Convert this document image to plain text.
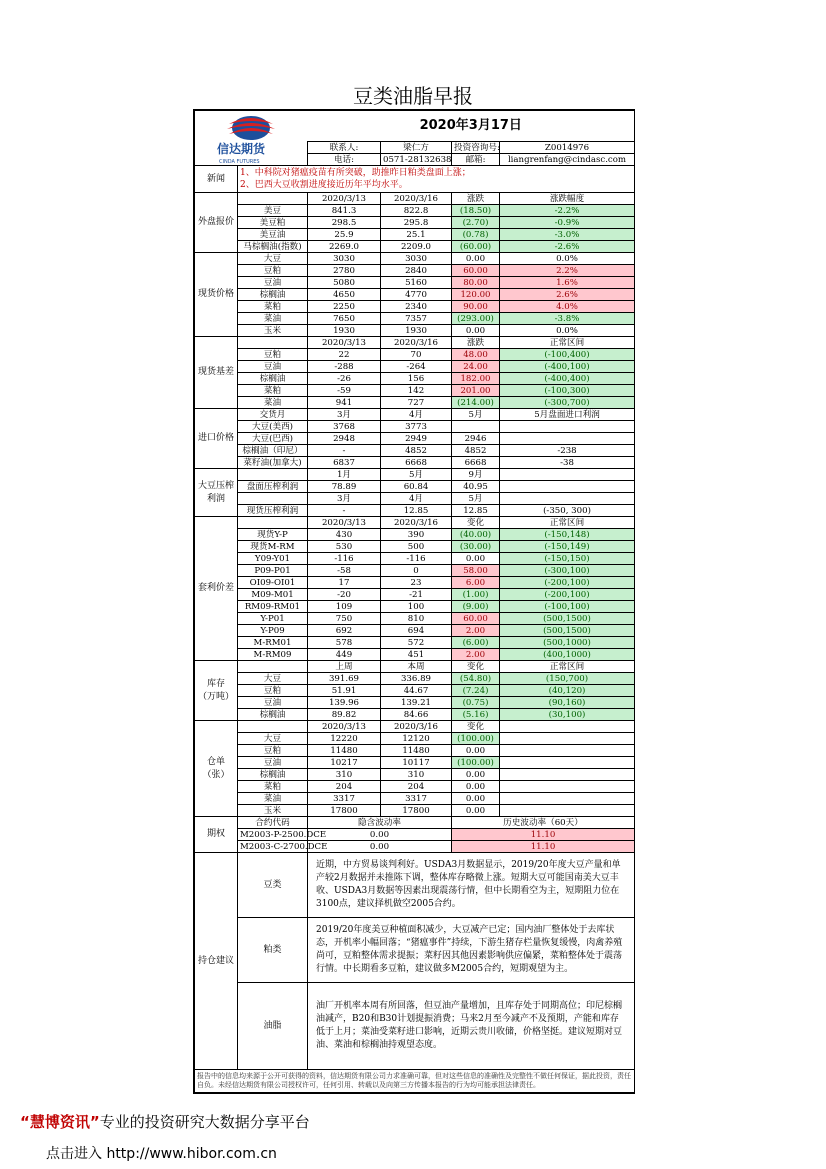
豆类油脂早报
信达期货
CINDA FUTURES		2020年3月17日			
		联系人:	梁仁方	投资咨询号:	Z0014976
		电话:	0571-28132638	邮箱:	liangrenfang@cindasc.com
新闻	1、中科院对猪瘟疫苗有所突破，助推昨日粕类盘面上涨；
2、巴西大豆收割进度接近历年平均水平。				

外盘报价		2020/3/13	2020/3/16	涨跌	涨跌幅度
	美豆	841.3	822.8	(18.50)	-2.2%
	美豆粕	298.5	295.8	(2.70)	-0.9%
	美豆油	25.9	25.1	(0.78)	-3.0%
	马棕榈油(指数)	2269.0	2209.0	(60.00)	-2.6%

现货价格	大豆	3030	3030	0.00	0.0%
	豆粕	2780	2840	60.00	2.2%
	豆油	5080	5160	80.00	1.6%
	棕榈油	4650	4770	120.00	2.6%
	菜粕	2250	2340	90.00	4.0%
	菜油	7650	7357	(293.00)	-3.8%
	玉米	1930	1930	0.00	0.0%

现货基差		2020/3/13	2020/3/16	涨跌	正常区间
	豆粕	22	70	48.00	(-100,400)
	豆油	-288	-264	24.00	(-400,100)
	棕榈油	-26	156	182.00	(-400,400)
	菜粕	-59	142	201.00	(-100,300)
	菜油	941	727	(214.00)	(-300,700)

进口价格	交货月	3月	4月	5月	5月盘面进口利润
	大豆(美西)	3768	3773		
	大豆(巴西)	2948	2949	2946	
	棕榈油（印尼）	-	4852	4852	-238
	菜籽油(加拿大)	6837	6668	6668	-38

大豆压榨利润		1月	5月	9月	
	盘面压榨利润	78.89	60.84	40.95	
		3月	4月	5月	
	现货压榨利润	-	12.85	12.85	(-350, 300)

套利价差		2020/3/13	2020/3/16	变化	正常区间
	现货Y-P	430	390	(40.00)	(-150,148)
	现货M-RM	530	500	(30.00)	(-150,149)
	Y09-Y01	-116	-116	0.00	(-150,150)
	P09-P01	-58	0	58.00	(-300,100)
	OI09-OI01	17	23	6.00	(-200,100)
	M09-M01	-20	-21	(1.00)	(-200,100)
	RM09-RM01	109	100	(9.00)	(-100,100)
	Y-P01	750	810	60.00	(500,1500)
	Y-P09	692	694	2.00	(500,1500)
	M-RM01	578	572	(6.00)	(500,1000)
	M-RM09	449	451	2.00	(400,1000)

库存
（万吨）		上周	本周	变化	正常区间
	大豆	391.69	336.89	(54.80)	(150,700)
	豆粕	51.91	44.67	(7.24)	(40,120)
	豆油	139.96	139.21	(0.75)	(90,160)
	棕榈油	89.82	84.66	(5.16)	(30,100)

仓单
（张）		2020/3/13	2020/3/16	变化	
	大豆	12220	12120	(100.00)	
	豆粕	11480	11480	0.00	
	豆油	10217	10117	(100.00)	
	棕榈油	310	310	0.00	
	菜粕	204	204	0.00	
	菜油	3317	3317	0.00	
	玉米	17800	17800	0.00	
期权	合约代码	隐含波动率		历史波动率（60天）	
	M2003-P-2500.DCE	0.00		11.10	
	M2003-C-2700.DCE	0.00		11.10	
持仓建议	豆类	近期，中方贸易谈判利好。USDA3月数据显示，2019/20年度大豆产量和单产较2月数据并未推陈下调，整体库存略微上涨。短期大豆可能国南美大豆丰收、USDA3月数据等因素出现震荡行情，但中长期看空为主，短期阻力位在3100点，建议择机做空2005合约。			
	粕类	2019/20年度美豆种植面积减少，大豆减产已定；国内油厂整体处于去库状态，开机率小幅回落；“猪瘟事件”持续，下游生猪存栏量恢复缓慢，肉禽养殖尚可，豆粕整体需求提振；菜籽因其他因素影响供应偏紧，菜粕整体处于震荡行情。中长期看多豆粕，建议做多M2005合约，短期观望为主。			
	油脂	油厂开机率本周有所回落，但豆油产量增加，且库存处于同期高位；印尼棕榈油减产，B20和B30计划提振消费；马来2月至今减产不及预期，产能和库存低于上月；菜油受菜籽进口影响，近期云贵川收储，价格坚挺。建议短期对豆油、菜油和棕榈油持观望态度。			
报告中的信息均来源于公开可获得的资料，信达期货有限公司力求准确可靠，但对这些信息的准确性及完整性不做任何保证，据此投资，责任自负。未经信达期货有限公司授权许可，任何引用、转载以及向第三方传播本报告的行为均可能承担法律责任。					
“慧博资讯”专业的投资研究大数据分享平台
点击进入 http://www.hibor.com.cn
